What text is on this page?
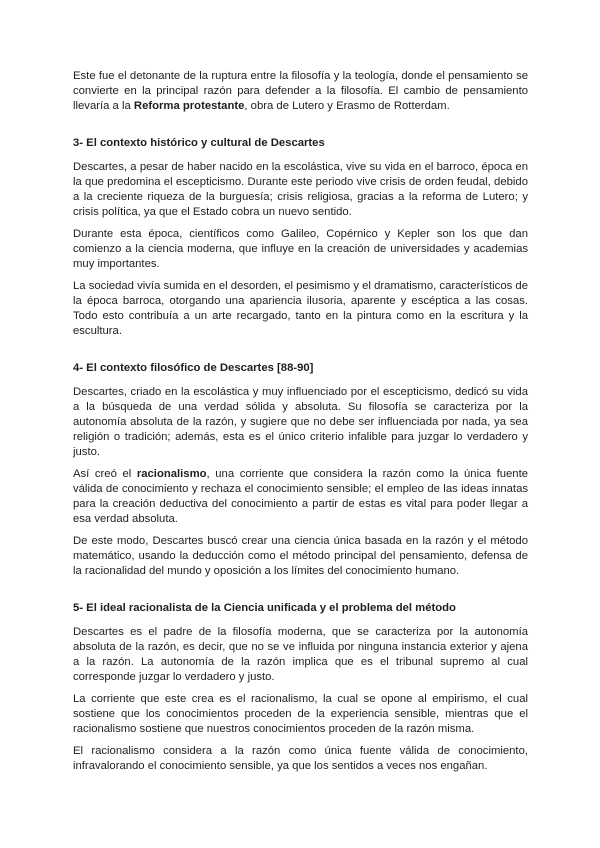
Este fue el detonante de la ruptura entre la filosofía y la teología, donde el pensamiento se convierte en la principal razón para defender a la filosofía. El cambio de pensamiento llevaría a la Reforma protestante, obra de Lutero y Erasmo de Rotterdam.

3- El contexto histórico y cultural de Descartes

Descartes, a pesar de haber nacido en la escolástica, vive su vida en el barroco, época en la que predomina el escepticismo. Durante este periodo vive crisis de orden feudal, debido a la creciente riqueza de la burguesía; crisis religiosa, gracias a la reforma de Lutero; y crisis política, ya que el Estado cobra un nuevo sentido.

Durante esta época, científicos como Galileo, Copérnico y Kepler son los que dan comienzo a la ciencia moderna, que influye en la creación de universidades y academias muy importantes.

La sociedad vivía sumida en el desorden, el pesimismo y el dramatismo, característicos de la época barroca, otorgando una apariencia ilusoria, aparente y escéptica a las cosas. Todo esto contribuía a un arte recargado, tanto en la pintura como en la escritura y la escultura.

4- El contexto filosófico de Descartes [88-90]

Descartes, criado en la escolástica y muy influenciado por el escepticismo, dedicó su vida a la búsqueda de una verdad sólida y absoluta. Su filosofía se caracteriza por la autonomía absoluta de la razón, y sugiere que no debe ser influenciada por nada, ya sea religión o tradición; además, esta es el único criterio infalible para juzgar lo verdadero y justo.

Así creó el racionalismo, una corriente que considera la razón como la única fuente válida de conocimiento y rechaza el conocimiento sensible; el empleo de las ideas innatas para la creación deductiva del conocimiento a partir de estas es vital para poder llegar a esa verdad absoluta.

De este modo, Descartes buscó crear una ciencia única basada en la razón y el método matemático, usando la deducción como el método principal del pensamiento, defensa de la racionalidad del mundo y oposición a los límites del conocimiento humano.

5- El ideal racionalista de la Ciencia unificada y el problema del método

Descartes es el padre de la filosofía moderna, que se caracteriza por la autonomía absoluta de la razón, es decir, que no se ve influida por ninguna instancia exterior y ajena a la razón. La autonomía de la razón implica que es el tribunal supremo al cual corresponde juzgar lo verdadero y justo.

La corriente que este crea es el racionalismo, la cual se opone al empirismo, el cual sostiene que los conocimientos proceden de la experiencia sensible, mientras que el racionalismo sostiene que nuestros conocimientos proceden de la razón misma.

El racionalismo considera a la razón como única fuente válida de conocimiento, infravalorando el conocimiento sensible, ya que los sentidos a veces nos engañan.
